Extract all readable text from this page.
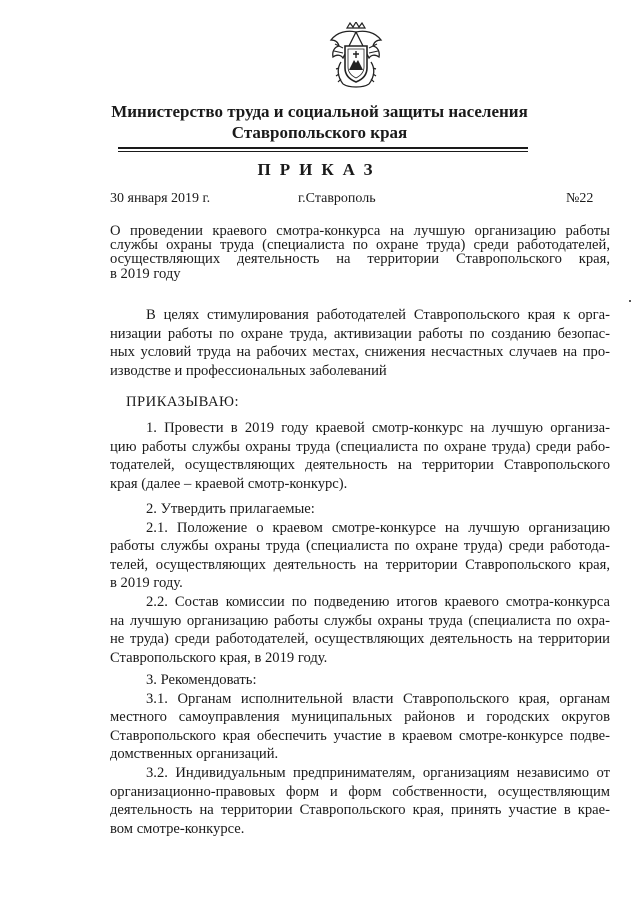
Министерство труда и социальной защиты населения
Ставропольского края
ПРИКАЗ
30 января 2019 г.	г.Ставрополь	№22
О проведении краевого смотра-конкурса на лучшую организацию работы
службы охраны труда (специалиста по охране труда) среди работодателей,
осуществляющих деятельность на территории Ставропольского края,
в 2019 году
В целях стимулирования работодателей Ставропольского края к орга-
низации работы по охране труда, активизации работы по созданию безопас-
ных условий труда на рабочих местах, снижения несчастных случаев на про-
изводстве и профессиональных заболеваний
ПРИКАЗЫВАЮ:
1. Провести в 2019 году краевой смотр-конкурс на лучшую организа-
цию работы службы охраны труда (специалиста по охране труда) среди рабо-
тодателей, осуществляющих деятельность на территории Ставропольского
края (далее – краевой смотр-конкурс).
2. Утвердить прилагаемые:
2.1. Положение о краевом смотре-конкурсе на лучшую организацию
работы службы охраны труда (специалиста по охране труда) среди работода-
телей, осуществляющих деятельность на территории Ставропольского края,
в 2019 году.
2.2. Состав комиссии по подведению итогов краевого смотра-конкурса
на лучшую организацию работы службы охраны труда (специалиста по охра-
не труда) среди работодателей, осуществляющих деятельность на территории
Ставропольского края, в 2019 году.
3. Рекомендовать:
3.1. Органам исполнительной власти Ставропольского края, органам
местного самоуправления муниципальных районов и городских округов
Ставропольского края обеспечить участие в краевом смотре-конкурсе подве-
домственных организаций.
3.2. Индивидуальным предпринимателям, организациям независимо от
организационно-правовых форм и форм собственности, осуществляющим
деятельность на территории Ставропольского края, принять участие в крае-
вом смотре-конкурсе.
